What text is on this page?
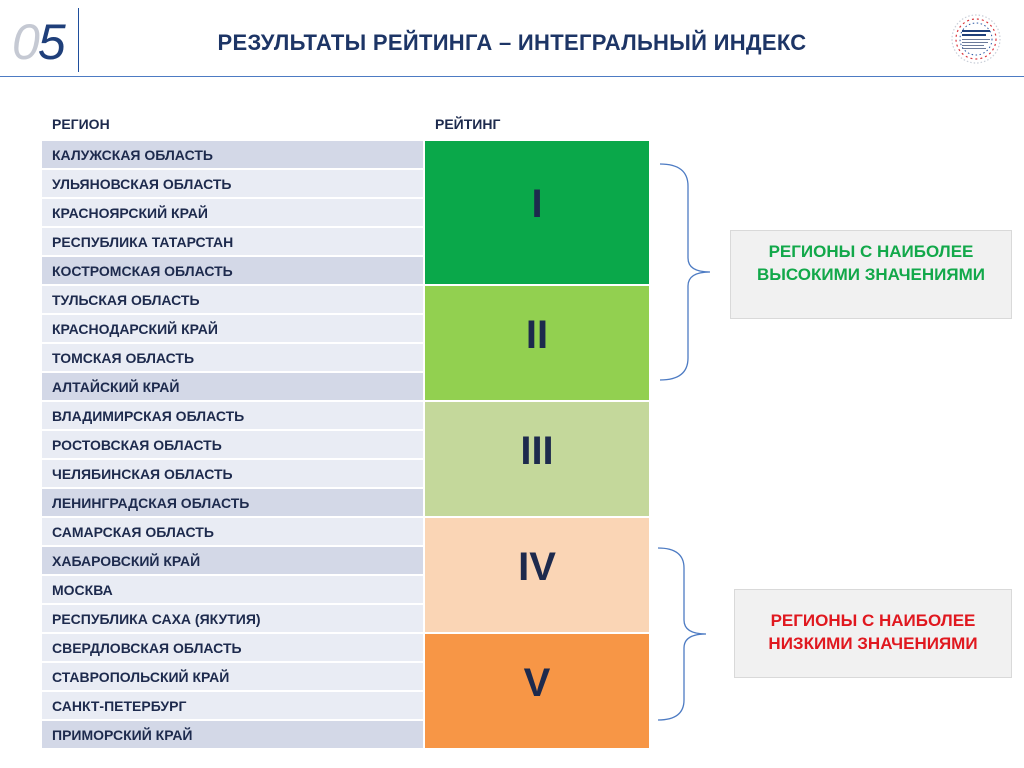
05	РЕЗУЛЬТАТЫ РЕЙТИНГА – ИНТЕГРАЛЬНЫЙ ИНДЕКС
РЕГИОН	РЕЙТИНГ
КАЛУЖСКАЯ ОБЛАСТЬ
УЛЬЯНОВСКАЯ ОБЛАСТЬ
КРАСНОЯРСКИЙ КРАЙ
РЕСПУБЛИКА ТАТАРСТАН
КОСТРОМСКАЯ ОБЛАСТЬ
ТУЛЬСКАЯ ОБЛАСТЬ
КРАСНОДАРСКИЙ КРАЙ
ТОМСКАЯ ОБЛАСТЬ
АЛТАЙСКИЙ КРАЙ
ВЛАДИМИРСКАЯ ОБЛАСТЬ
РОСТОВСКАЯ ОБЛАСТЬ
ЧЕЛЯБИНСКАЯ ОБЛАСТЬ
ЛЕНИНГРАДСКАЯ ОБЛАСТЬ
САМАРСКАЯ ОБЛАСТЬ
ХАБАРОВСКИЙ КРАЙ
МОСКВА
РЕСПУБЛИКА САХА (ЯКУТИЯ)
СВЕРДЛОВСКАЯ ОБЛАСТЬ
СТАВРОПОЛЬСКИЙ КРАЙ
САНКТ-ПЕТЕРБУРГ
ПРИМОРСКИЙ КРАЙ
I
II
III
IV
V
РЕГИОНЫ С НАИБОЛЕЕ ВЫСОКИМИ ЗНАЧЕНИЯМИ
РЕГИОНЫ С НАИБОЛЕЕ НИЗКИМИ ЗНАЧЕНИЯМИ
